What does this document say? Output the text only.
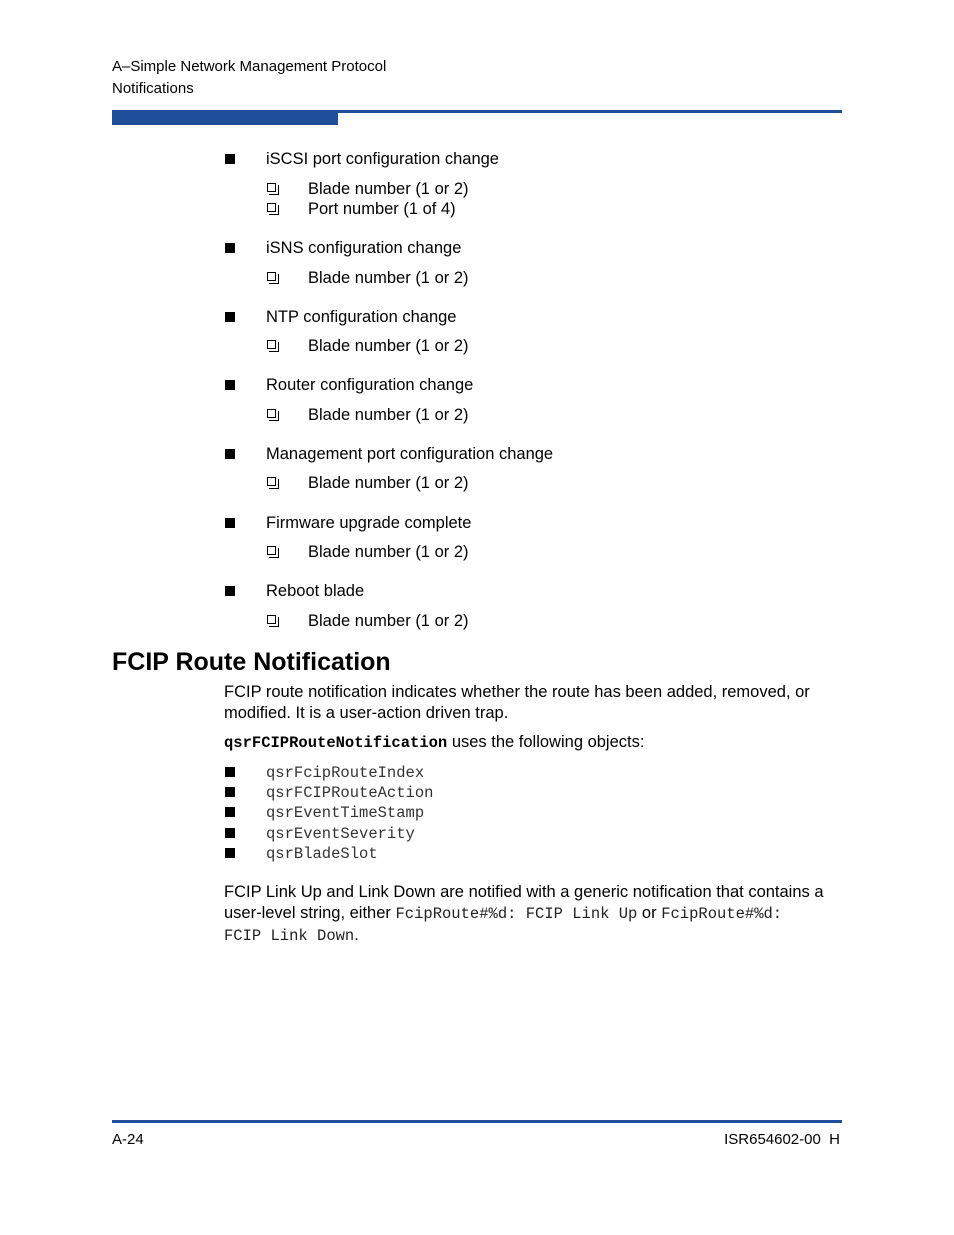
A–Simple Network Management Protocol
Notifications
iSCSI port configuration change
Blade number (1 or 2)
Port number (1 of 4)
iSNS configuration change
Blade number (1 or 2)
NTP configuration change
Blade number (1 or 2)
Router configuration change
Blade number (1 or 2)
Management port configuration change
Blade number (1 or 2)
Firmware upgrade complete
Blade number (1 or 2)
Reboot blade
Blade number (1 or 2)
FCIP Route Notification
FCIP route notification indicates whether the route has been added, removed, or
modified. It is a user-action driven trap.
qsrFCIPRouteNotification uses the following objects:
qsrFcipRouteIndex
qsrFCIPRouteAction
qsrEventTimeStamp
qsrEventSeverity
qsrBladeSlot
FCIP Link Up and Link Down are notified with a generic notification that contains a
user-level string, either FcipRoute#%d: FCIP Link Up or FcipRoute#%d:
FCIP Link Down.
A-24	ISR654602-00  H
